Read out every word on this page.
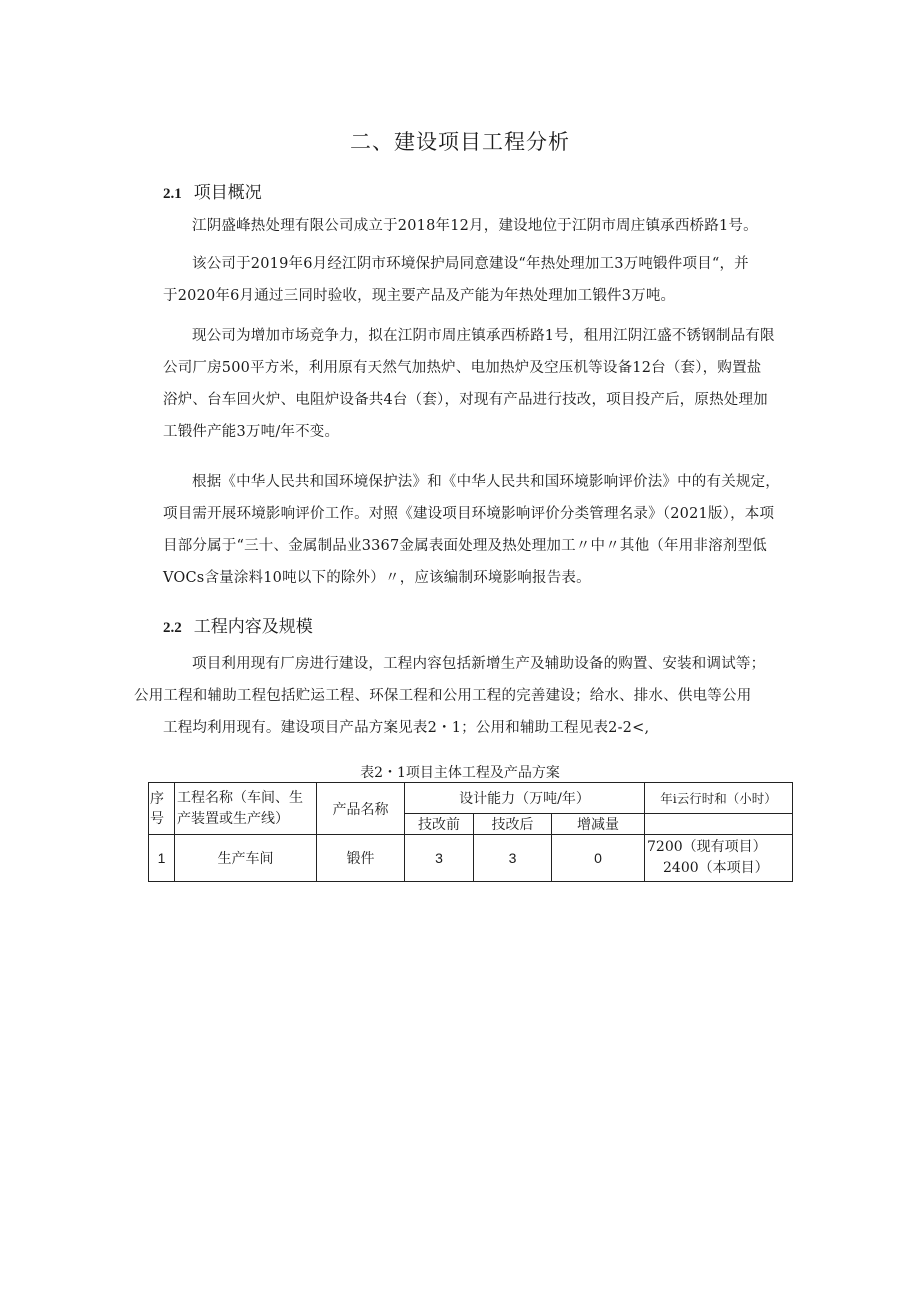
二、建设项目工程分析
2.1 项目概况

江阴盛峰热处理有限公司成立于2018年12月，建设地位于江阴市周庄镇承西桥路1号。

该公司于2019年6月经江阴市环境保护局同意建设“年热处理加工3万吨锻件项目“，并
于2020年6月通过三同时验收，现主要产品及产能为年热处理加工锻件3万吨。

现公司为增加市场竞争力，拟在江阴市周庄镇承西桥路1号，租用江阴江盛不锈钢制品有限
公司厂房500平方米，利用原有天然气加热炉、电加热炉及空压机等设备12台（套），购置盐
浴炉、台车回火炉、电阻炉设备共4台（套），对现有产品进行技改，项目投产后，原热处理加
工锻件产能3万吨/年不变。

根据《中华人民共和国环境保护法》和《中华人民共和国环境影响评价法》中的有关规定，
项目需开展环境影响评价工作。对照《建设项目环境影响评价分类管理名录》（2021版），本项
目部分属于“三十、金属制品业3367金属表面处理及热处理加工〃中〃其他（年用非溶剂型低
VOCs含量涂料10吨以下的除外）〃，应该编制环境影响报告表。

2.2 工程内容及规模

项目利用现有厂房进行建设，工程内容包括新增生产及辅助设备的购置、安装和调试等；
公用工程和辅助工程包括贮运工程、环保工程和公用工程的完善建设；给水、排水、供电等公用
工程均利用现有。建设项目产品方案见表2・1；公用和辅助工程见表2-2<,

表2・1项目主体工程及产品方案

序
号	工程名称（车间、生
产装置或生产线）	产品名称	设计能力（万吨/年）			年i云行时和（小时）
			技改前	技改后	增减量	
1	生产车间	锻件	3	3	0	7200（现有项目）
2400（本项目）
